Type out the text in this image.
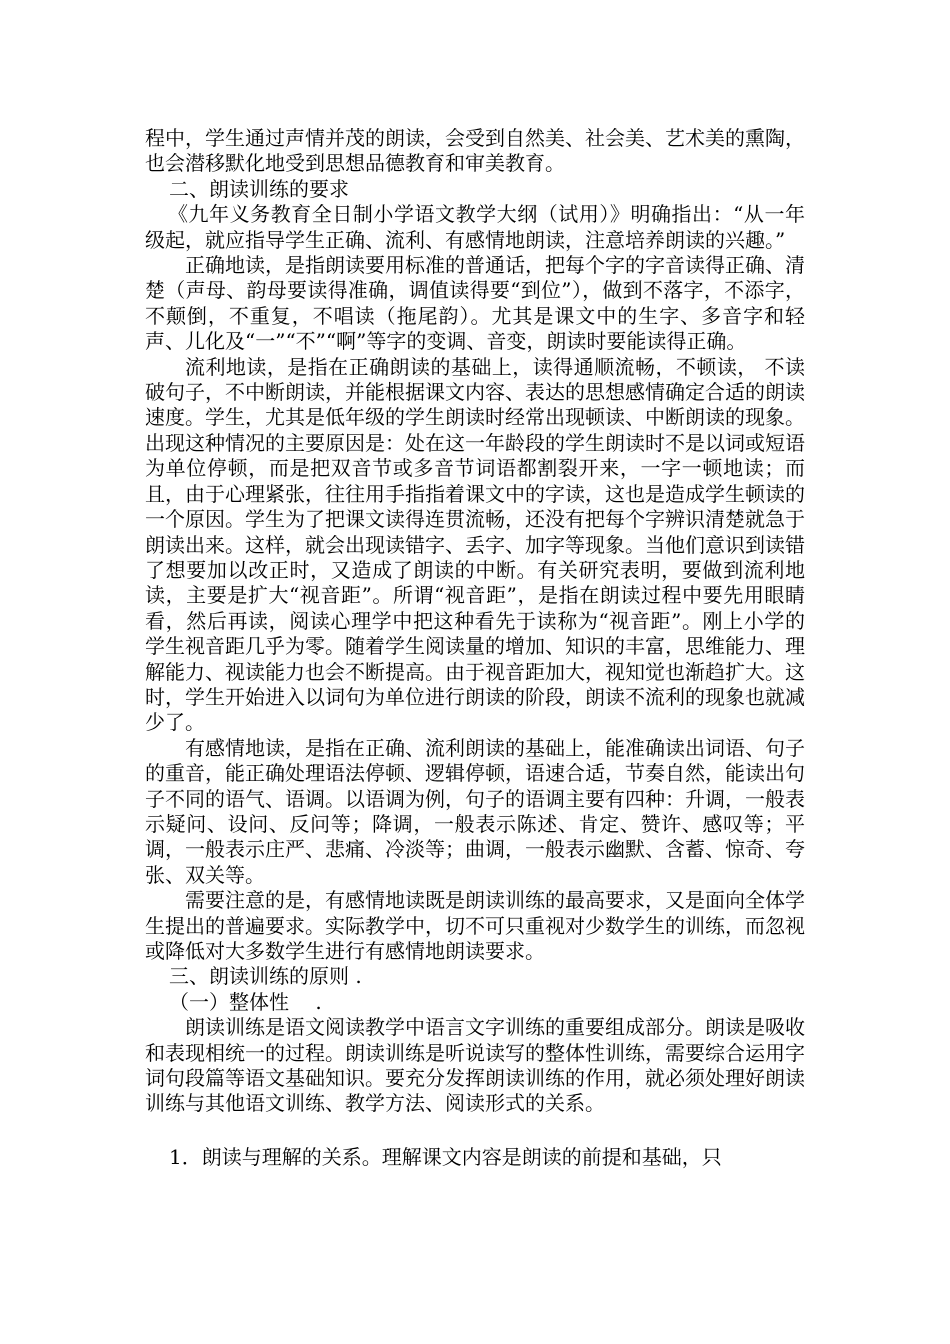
程中，学生通过声情并茂的朗读，会受到自然美、社会美、艺术美的熏陶，也会潜移默化地受到思想品德教育和审美教育。

二、朗读训练的要求

《九年义务教育全日制小学语文教学大纲（试用）》明确指出：“从一年级起，就应指导学生正确、流利、有感情地朗读，注意培养朗读的兴趣。”

正确地读，是指朗读要用标准的普通话，把每个字的字音读得正确、清楚（声母、韵母要读得准确，调值读得要“到位”），做到不落字，不添字，不颠倒，不重复，不唱读（拖尾韵）。尤其是课文中的生字、多音字和轻声、儿化及“一”“不”“啊”等字的变调、音变，朗读时要能读得正确。

流利地读，是指在正确朗读的基础上，读得通顺流畅，不顿读， 不读破句子，不中断朗读，并能根据课文内容、表达的思想感情确定合适的朗读速度。学生，尤其是低年级的学生朗读时经常出现顿读、中断朗读的现象。出现这种情况的主要原因是：处在这一年龄段的学生朗读时不是以词或短语为单位停顿，而是把双音节或多音节词语都割裂开来，一字一顿地读；而且，由于心理紧张，往往用手指指着课文中的字读，这也是造成学生顿读的一个原因。学生为了把课文读得连贯流畅，还没有把每个字辨识清楚就急于朗读出来。这样，就会出现读错字、丢字、加字等现象。当他们意识到读错了想要加以改正时，又造成了朗读的中断。有关研究表明，要做到流利地读，主要是扩大“视音距”。所谓“视音距”，是指在朗读过程中要先用眼睛看，然后再读，阅读心理学中把这种看先于读称为“视音距”。刚上小学的学生视音距几乎为零。随着学生阅读量的增加、知识的丰富，思维能力、理解能力、视读能力也会不断提高。由于视音距加大，视知觉也渐趋扩大。这时，学生开始进入以词句为单位进行朗读的阶段，朗读不流利的现象也就减少了。

有感情地读，是指在正确、流利朗读的基础上，能准确读出词语、句子的重音，能正确处理语法停顿、逻辑停顿，语速合适，节奏自然，能读出句子不同的语气、语调。以语调为例，句子的语调主要有四种：升调，一般表示疑问、设问、反问等；降调，一般表示陈述、肯定、赞许、感叹等；平调，一般表示庄严、悲痛、冷淡等；曲调，一般表示幽默、含蓄、惊奇、夸张、双关等。

需要注意的是，有感情地读既是朗读训练的最高要求，又是面向全体学生提出的普遍要求。实际教学中，切不可只重视对少数学生的训练，而忽视或降低对大多数学生进行有感情地朗读要求。

三、朗读训练的原则 .

（一）整体性　 .

朗读训练是语文阅读教学中语言文字训练的重要组成部分。朗读是吸收和表现相统一的过程。朗读训练是听说读写的整体性训练，需要综合运用字词句段篇等语文基础知识。要充分发挥朗读训练的作用，就必须处理好朗读训练与其他语文训练、教学方法、阅读形式的关系。

1．朗读与理解的关系。理解课文内容是朗读的前提和基础，只
